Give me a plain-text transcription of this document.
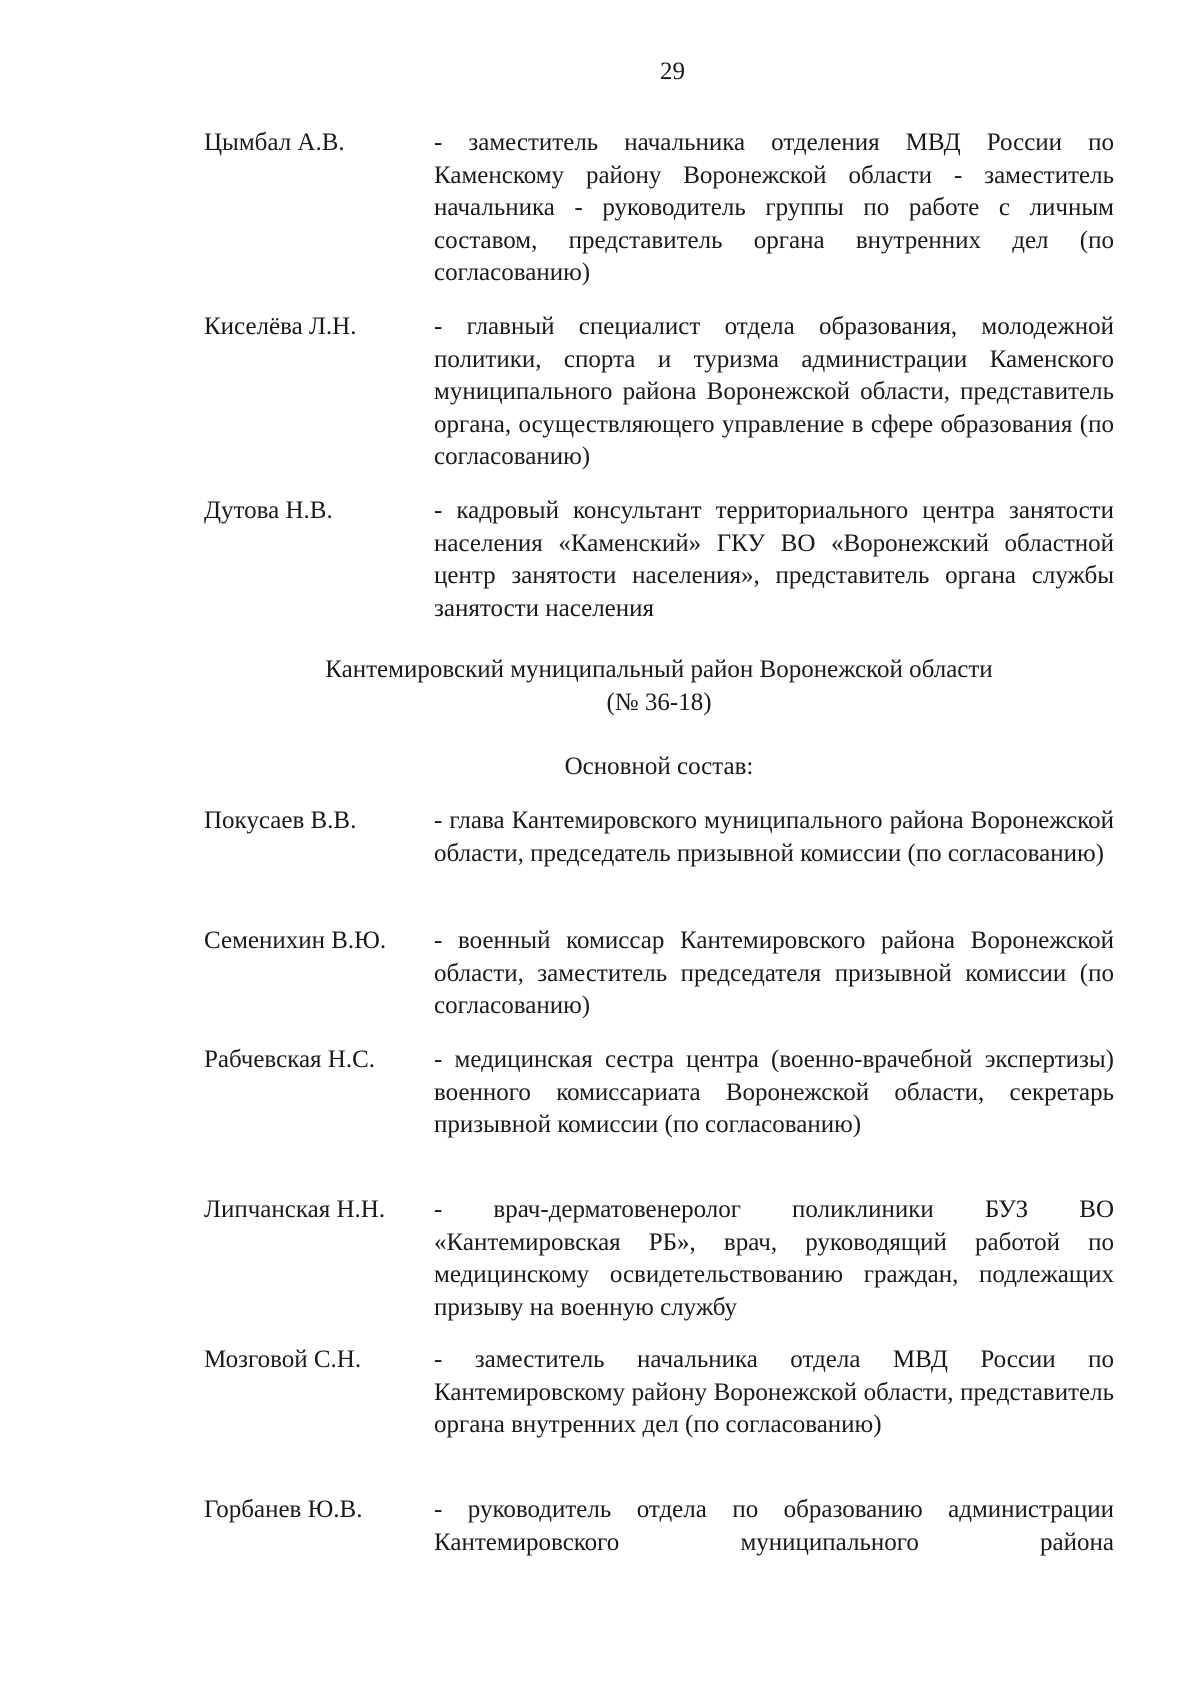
29
Цымбал А.В.	- заместитель начальника отделения МВД России по Каменскому району Воронежской области - заместитель начальника - руководитель группы по работе с личным составом, представитель органа внутренних дел (по согласованию)
Киселёва Л.Н.	- главный специалист отдела образования, молодежной политики, спорта и туризма администрации Каменского муниципального района Воронежской области, представитель органа, осуществляющего управление в сфере образования (по согласованию)
Дутова Н.В.	- кадровый консультант территориального центра занятости населения «Каменский» ГКУ ВО «Воронежский областной центр занятости населения», представитель органа службы занятости населения
Кантемировский муниципальный район Воронежской области
(№ 36-18)
Основной состав:
Покусаев В.В.	- глава Кантемировского муниципального района Воронежской области, председатель призывной комиссии (по согласованию)
Семенихин В.Ю. - военный комиссар Кантемировского района Воронежской области, заместитель председателя призывной комиссии (по согласованию)
Рабчевская Н.С. - медицинская сестра центра (военно-врачебной экспертизы) военного комиссариата Воронежской области, секретарь призывной комиссии (по согласованию)
Липчанская Н.Н. - врач-дерматовенеролог поликлиники БУЗ ВО «Кантемировская РБ», врач, руководящий работой по медицинскому освидетельствованию граждан, подлежащих призыву на военную службу
Мозговой С.Н.	- заместитель начальника отдела МВД России по Кантемировскому району Воронежской области, представитель органа внутренних дел (по согласованию)
Горбанев Ю.В.	- руководитель отдела по образованию администрации Кантемировского муниципального района
